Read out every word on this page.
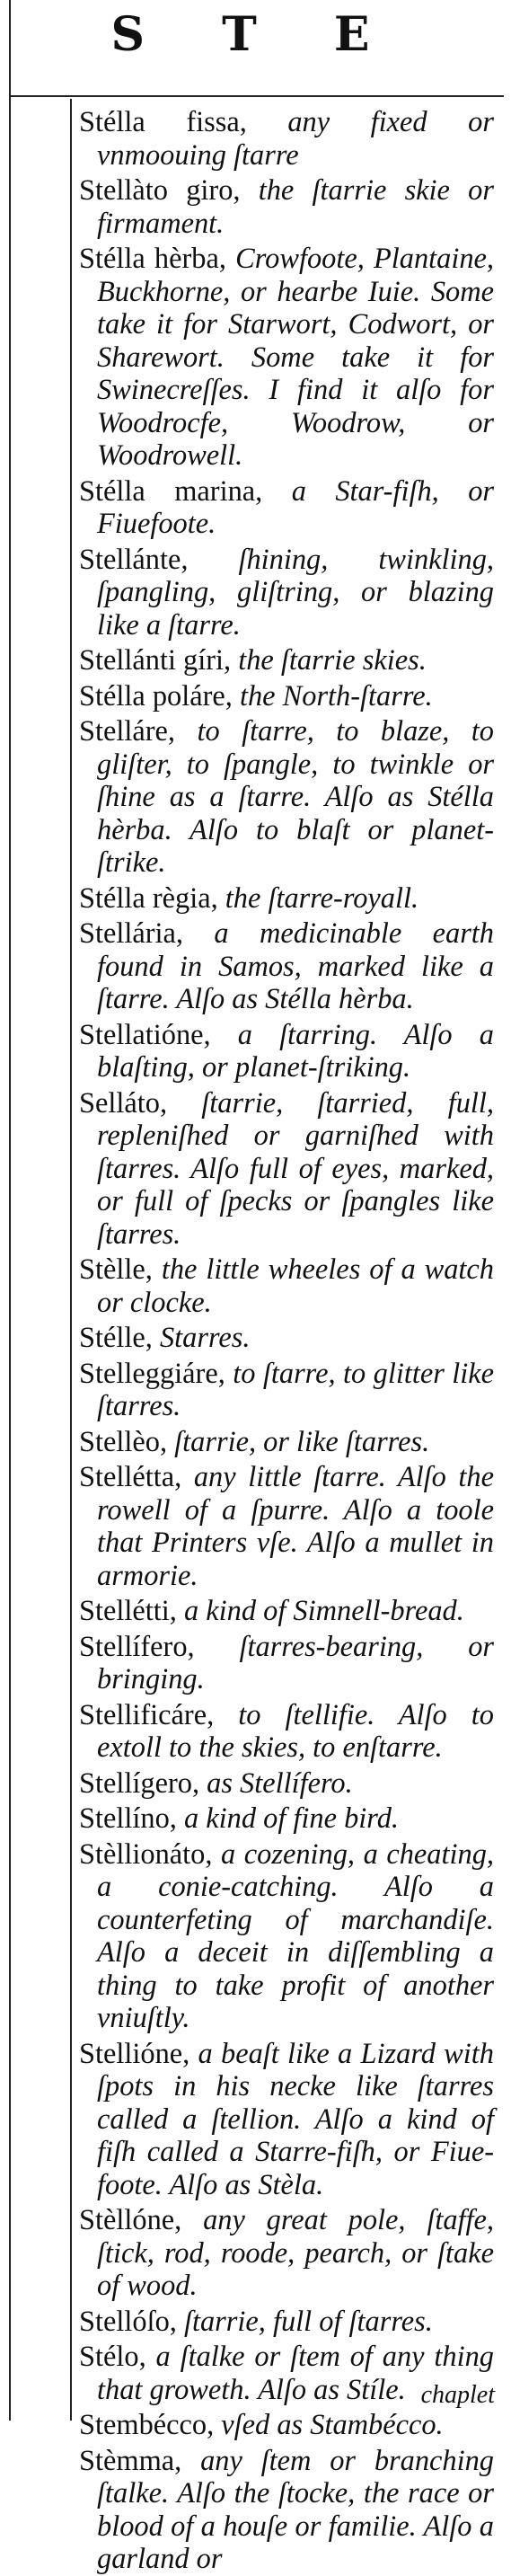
S T E
Stélla fissa, any fixed or vnmoouing ſtarre
Stellàto giro, the ſtarrie skie or firmament.
Stélla hèrba, Crowfoote, Plantaine, Buckhorne, or hearbe Iuie. Some take it for Starwort, Codwort, or Sharewort. Some take it for Swinecreſſes. I find it alſo for Woodrocfe, Woodrow, or Woodrowell.
Stélla marina, a Star-fiſh, or Fiuefoote.
Stellánte, ſhining, twinkling, ſpangling, gliſtring, or blazing like a ſtarre.
Stellánti gíri, the ſtarrie skies.
Stélla poláre, the North-ſtarre.
Stelláre, to ſtarre, to blaze, to gliſter, to ſpangle, to twinkle or ſhine as a ſtarre. Alſo as Stélla hèrba. Alſo to blaſt or planet-ſtrike.
Stélla règia, the ſtarre-royall.
Stellária, a medicinable earth found in Samos, marked like a ſtarre. Alſo as Stélla hèrba.
Stellatióne, a ſtarring. Alſo a blaſting, or planet-ſtriking.
Selláto, ſtarrie, ſtarried, full, repleniſhed or garniſhed with ſtarres. Alſo full of eyes, marked, or full of ſpecks or ſpangles like ſtarres.
Stèlle, the little wheeles of a watch or clocke.
Stélle, Starres.
Stelleggiáre, to ſtarre, to glitter like ſtarres.
Stellèo, ſtarrie, or like ſtarres.
Stellétta, any little ſtarre. Alſo the rowell of a ſpurre. Alſo a toole that Printers vſe. Alſo a mullet in armorie.
Stellétti, a kind of Simnell-bread.
Stellífero, ſtarres-bearing, or bringing.
Stellificáre, to ſtellifie. Alſo to extoll to the skies, to enſtarre.
Stellígero, as Stellífero.
Stellíno, a kind of fine bird.
Stèllionáto, a cozening, a cheating, a conie-catching. Alſo a counterfeting of marchandiſe. Alſo a deceit in diſſembling a thing to take profit of another vniuſtly.
Stellióne, a beaſt like a Lizard with ſpots in his necke like ſtarres called a ſtellion. Alſo a kind of fiſh called a Starre-fiſh, or Fiue-foote. Alſo as Stèla.
Stèllóne, any great pole, ſtaffe, ſtick, rod, roode, pearch, or ſtake of wood.
Stellóſo, ſtarrie, full of ſtarres.
Stélo, a ſtalke or ſtem of any thing that groweth. Alſo as Stíle.
Stembécco, vſed as Stambécco.
Stèmma, any ſtem or branching ſtalke. Alſo the ſtocke, the race or blood of a houſe or familie. Alſo a garland or
chaplet
